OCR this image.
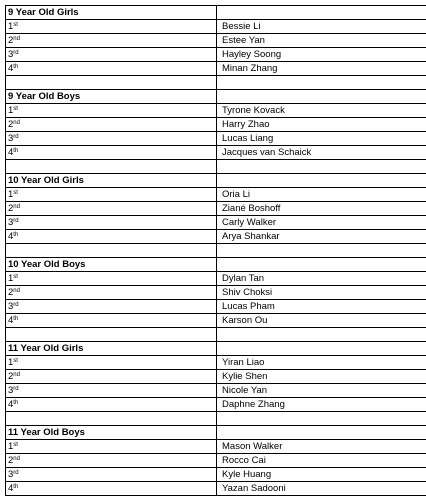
9 Year Old Girls	
1st	Bessie Li
2nd	Estee Yan
3rd	Hayley Soong
4th	Minan Zhang

9 Year Old Boys	
1st	Tyrone Kovack
2nd	Harry Zhao
3rd	Lucas Liang
4th	Jacques van Schaick

10 Year Old Girls	
1st	Oria Li
2nd	Ziané Boshoff
3rd	Carly Walker
4th	Arya Shankar

10 Year Old Boys	
1st	Dylan Tan
2nd	Shiv Choksi
3rd	Lucas Pham
4th	Karson Ou

11 Year Old Girls	
1st	Yiran Liao
2nd	Kylie Shen
3rd	Nicole Yan
4th	Daphne Zhang

11 Year Old Boys	
1st	Mason Walker
2nd	Rocco Cai
3rd	Kyle Huang
4th	Yazan Sadooni
